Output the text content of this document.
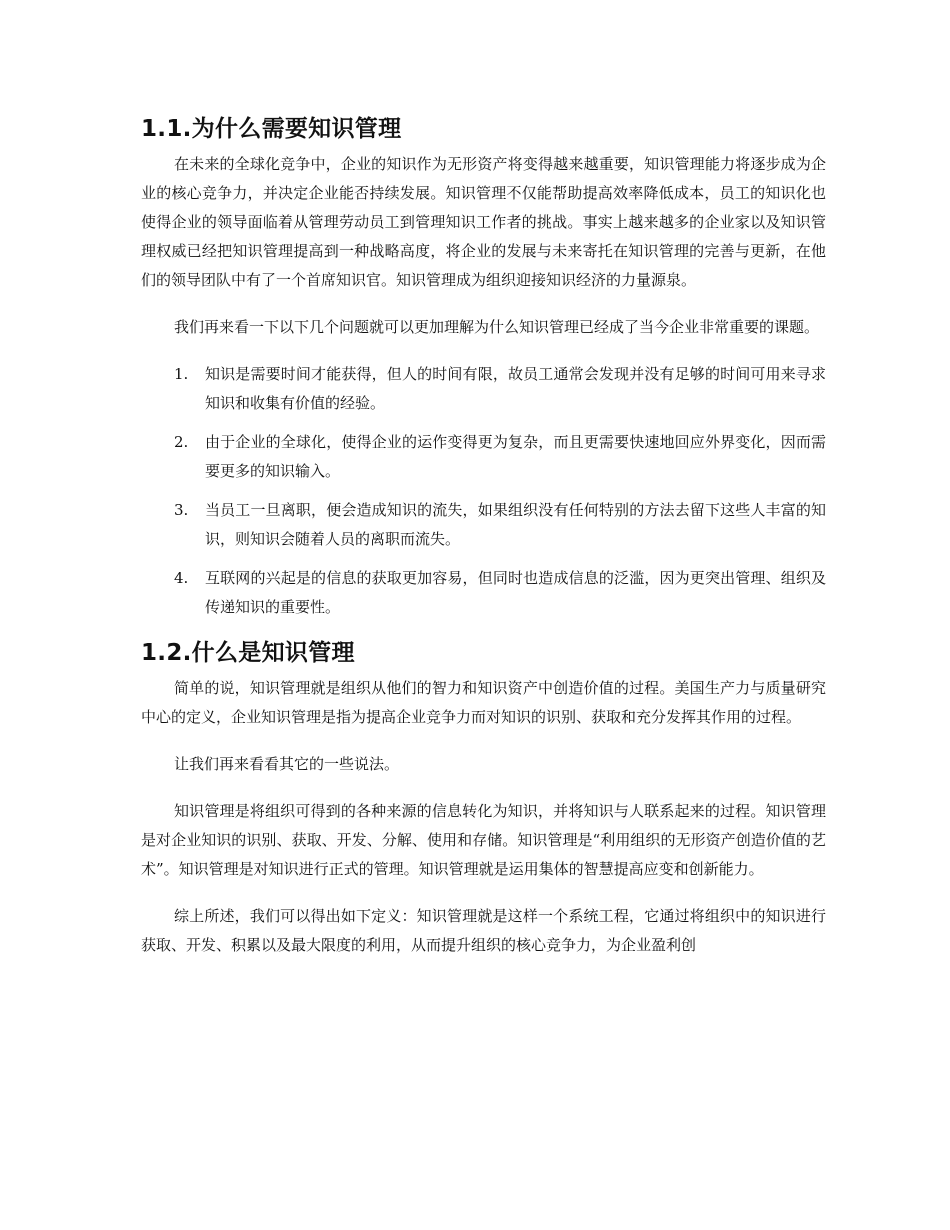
1.1.为什么需要知识管理

在未来的全球化竞争中，企业的知识作为无形资产将变得越来越重要，知识管理能力将逐步成为企业的核心竞争力，并决定企业能否持续发展。知识管理不仅能帮助提高效率降低成本，员工的知识化也使得企业的领导面临着从管理劳动员工到管理知识工作者的挑战。事实上越来越多的企业家以及知识管理权威已经把知识管理提高到一种战略高度，将企业的发展与未来寄托在知识管理的完善与更新，在他们的领导团队中有了一个首席知识官。知识管理成为组织迎接知识经济的力量源泉。

我们再来看一下以下几个问题就可以更加理解为什么知识管理已经成了当今企业非常重要的课题。

1. 知识是需要时间才能获得，但人的时间有限，故员工通常会发现并没有足够的时间可用来寻求知识和收集有价值的经验。
2. 由于企业的全球化，使得企业的运作变得更为复杂，而且更需要快速地回应外界变化，因而需要更多的知识输入。
3. 当员工一旦离职，便会造成知识的流失，如果组织没有任何特别的方法去留下这些人丰富的知识，则知识会随着人员的离职而流失。
4. 互联网的兴起是的信息的获取更加容易，但同时也造成信息的泛滥，因为更突出管理、组织及传递知识的重要性。
1.2.什么是知识管理

简单的说，知识管理就是组织从他们的智力和知识资产中创造价值的过程。美国生产力与质量研究中心的定义，企业知识管理是指为提高企业竞争力而对知识的识别、获取和充分发挥其作用的过程。

让我们再来看看其它的一些说法。

知识管理是将组织可得到的各种来源的信息转化为知识，并将知识与人联系起来的过程。知识管理是对企业知识的识别、获取、开发、分解、使用和存储。知识管理是“利用组织的无形资产创造价值的艺术”。知识管理是对知识进行正式的管理。知识管理就是运用集体的智慧提高应变和创新能力。

综上所述，我们可以得出如下定义：知识管理就是这样一个系统工程，它通过将组织中的知识进行获取、开发、积累以及最大限度的利用，从而提升组织的核心竞争力，为企业盈利创
